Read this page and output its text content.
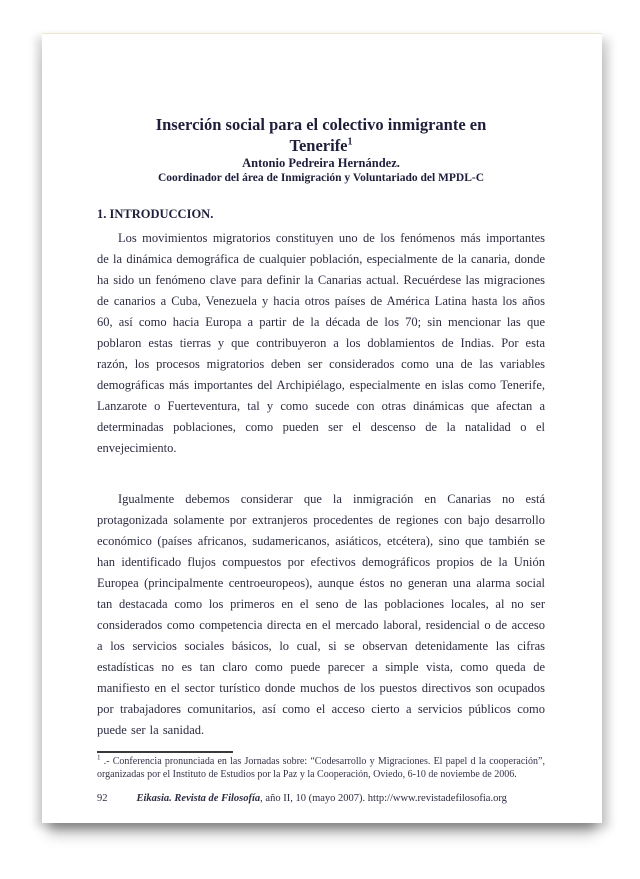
Inserción social para el colectivo inmigrante en
Tenerife$^1$

Antonio Pedreira Hernández.

Coordinador del área de Inmigración y Voluntariado del MPDL-C

1. INTRODUCCION.

Los movimientos migratorios constituyen uno de los fenómenos más importantes de la dinámica demográfica de cualquier población, especialmente de la canaria, donde ha sido un fenómeno clave para definir la Canarias actual. Recuérdese las migraciones de canarios a Cuba, Venezuela y hacia otros países de América Latina hasta los años 60, así como hacia Europa a partir de la década de los 70; sin mencionar las que poblaron estas tierras y que contribuyeron a los doblamientos de Indias. Por esta razón, los procesos migratorios deben ser considerados como una de las variables demográficas más importantes del Archipiélago, especialmente en islas como Tenerife, Lanzarote o Fuerteventura, tal y como sucede con otras dinámicas que afectan a determinadas poblaciones, como pueden ser el descenso de la natalidad o el envejecimiento.

Igualmente debemos considerar que la inmigración en Canarias no está protagonizada solamente por extranjeros procedentes de regiones con bajo desarrollo económico (países africanos, sudamericanos, asiáticos, etcétera), sino que también se han identificado flujos compuestos por efectivos demográficos propios de la Unión Europea (principalmente centroeuropeos), aunque éstos no generan una alarma social tan destacada como los primeros en el seno de las poblaciones locales, al no ser considerados como competencia directa en el mercado laboral, residencial o de acceso a los servicios sociales básicos, lo cual, si se observan detenidamente las cifras estadísticas no es tan claro como puede parecer a simple vista, como queda de manifiesto en el sector turístico donde muchos de los puestos directivos son ocupados por trabajadores comunitarios, así como el acceso cierto a servicios públicos como puede ser la sanidad.

$^1$ .- Conferencia pronunciada en las Jornadas sobre: “Codesarrollo y Migraciones. El papel d la cooperación”, organizadas por el Instituto de Estudios por la Paz y la Cooperación, Oviedo, 6-10 de noviembe de 2006.

92	Eikasia. Revista de Filosofía, año II, 10 (mayo 2007). http://www.revistadefilosofia.org
